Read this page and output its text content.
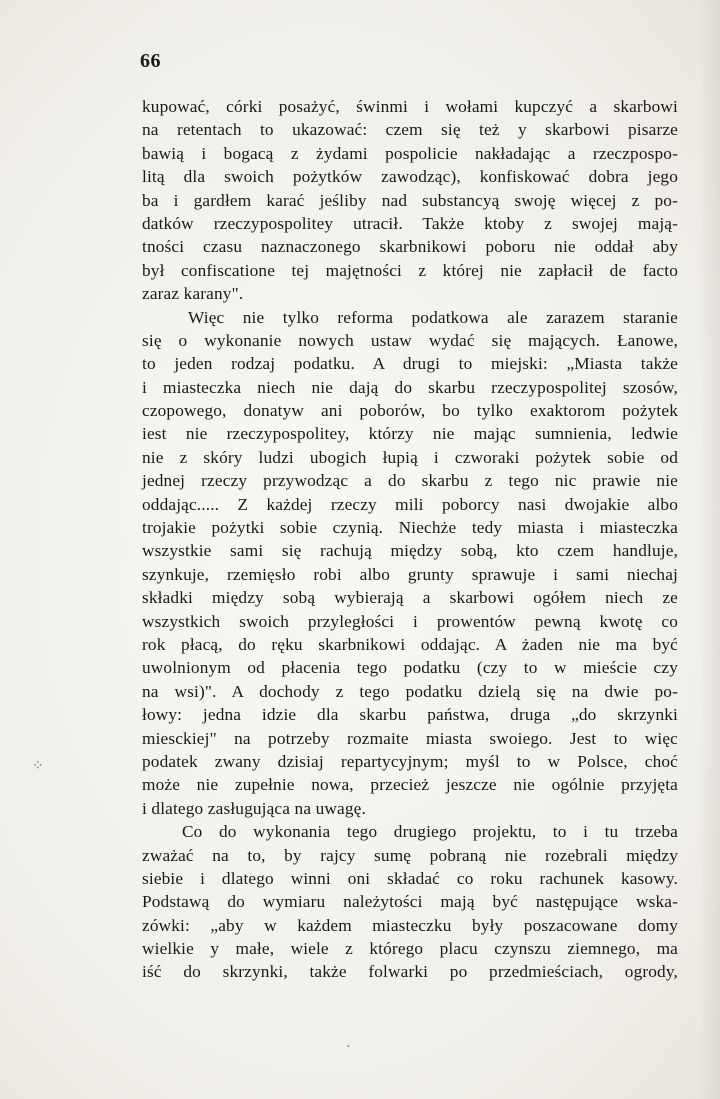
66
⁘
kupować, córki posażyć, świnmi i wołami kupczyć a skarbowi
na retentach to ukazować: czem się też y skarbowi pisarze
bawią i bogacą z żydami pospolicie nakładając a rzeczpospo-
litą dla swoich pożytków zawodząc), konfiskować dobra jego
ba i gardłem karać jeśliby nad substancyą swoję więcej z po-
datków rzeczypospolitey utracił. Także ktoby z swojej mają-
tności czasu naznaczonego skarbnikowi poboru nie oddał aby
był confiscatione tej majętności z której nie zapłacił de facto
zaraz karany".
Więc nie tylko reforma podatkowa ale zarazem staranie
się o wykonanie nowych ustaw wydać się mających. Łanowe,
to jeden rodzaj podatku. A drugi to miejski: „Miasta także
i miasteczka niech nie dają do skarbu rzeczypospolitej szosów,
czopowego, donatyw ani poborów, bo tylko exaktorom pożytek
iest nie rzeczypospolitey, którzy nie mając sumnienia, ledwie
nie z skóry ludzi ubogich łupią i czworaki pożytek sobie od
jednej rzeczy przywodząc a do skarbu z tego nic prawie nie
oddając..... Z każdej rzeczy mili poborcy nasi dwojakie albo
trojakie pożytki sobie czynią. Niechże tedy miasta i miasteczka
wszystkie sami się rachują między sobą, kto czem handluje,
szynkuje, rzemięsło robi albo grunty sprawuje i sami niechaj
składki między sobą wybierają a skarbowi ogółem niech ze
wszystkich swoich przyległości i prowentów pewną kwotę co
rok płacą, do ręku skarbnikowi oddając. A żaden nie ma być
uwolnionym od płacenia tego podatku (czy to w mieście czy
na wsi)". A dochody z tego podatku dzielą się na dwie po-
łowy: jedna idzie dla skarbu państwa, druga „do skrzynki
miesckiej" na potrzeby rozmaite miasta swoiego. Jest to więc
podatek zwany dzisiaj repartycyjnym; myśl to w Polsce, choć
może nie zupełnie nowa, przecież jeszcze nie ogólnie przyjęta
i dlatego zasługująca na uwagę.
Co do wykonania tego drugiego projektu, to i tu trzeba
zważać na to, by rajcy sumę pobraną nie rozebrali między
siebie i dlatego winni oni składać co roku rachunek kasowy.
Podstawą do wymiaru należytości mają być następujące wska-
zówki: „aby w każdem miasteczku były poszacowane domy
wielkie y małe, wiele z którego placu czynszu ziemnego, ma
iść do skrzynki, także folwarki po przedmieściach, ogrody,
·
